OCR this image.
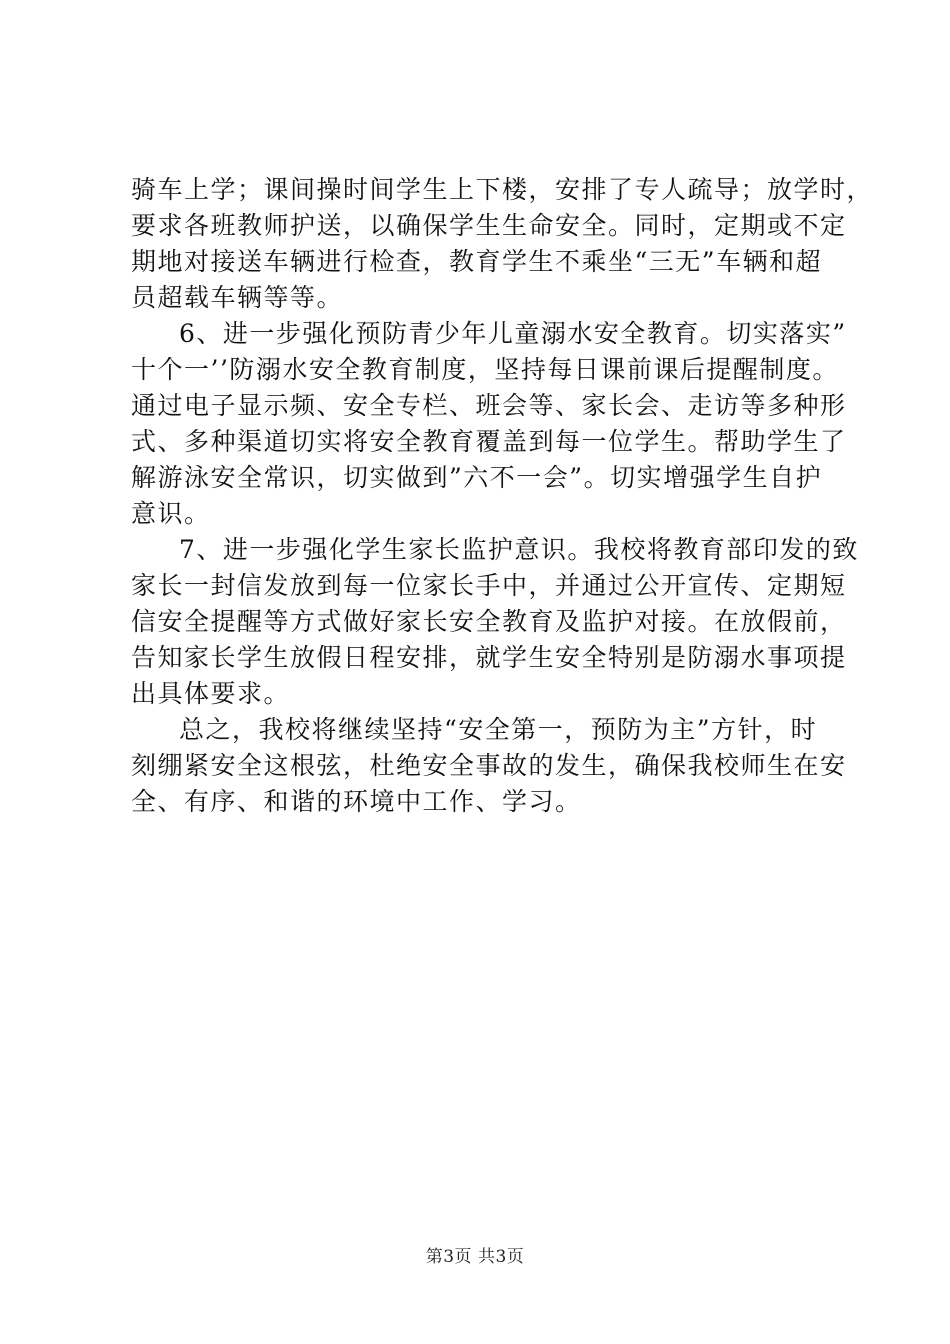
骑车上学；课间操时间学生上下楼，安排了专人疏导；放学时，
要求各班教师护送，以确保学生生命安全。同时，定期或不定
期地对接送车辆进行检查，教育学生不乘坐“三无”车辆和超
员超载车辆等等。
6、进一步强化预防青少年儿童溺水安全教育。切实落实”
十个一’’防溺水安全教育制度，坚持每日课前课后提醒制度。
通过电子显示频、安全专栏、班会等、家长会、走访等多种形
式、多种渠道切实将安全教育覆盖到每一位学生。帮助学生了
解游泳安全常识，切实做到”六不一会”。切实增强学生自护
意识。
7、进一步强化学生家长监护意识。我校将教育部印发的致
家长一封信发放到每一位家长手中，并通过公开宣传、定期短
信安全提醒等方式做好家长安全教育及监护对接。在放假前，
告知家长学生放假日程安排，就学生安全特别是防溺水事项提
出具体要求。
总之，我校将继续坚持“安全第一，预防为主”方针，时
刻绷紧安全这根弦，杜绝安全事故的发生，确保我校师生在安
全、有序、和谐的环境中工作、学习。
第3页 共3页
